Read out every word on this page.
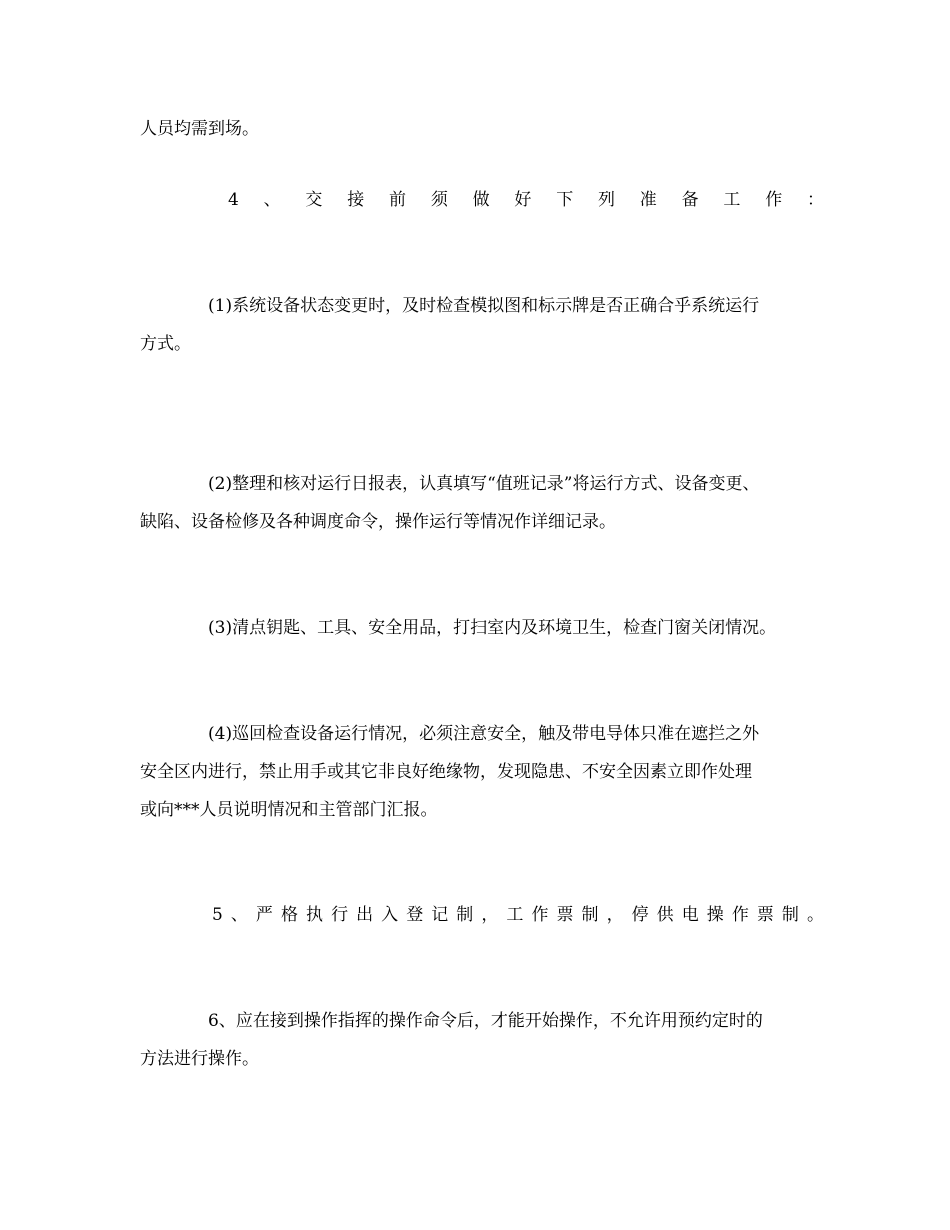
人员均需到场。

4 、 交 接 前 须 做 好 下 列 准 备 工 作 ：

(1)系统设备状态变更时，及时检查模拟图和标示牌是否正确合乎系统运行

方式。

(2)整理和核对运行日报表，认真填写“值班记录”将运行方式、设备变更、

缺陷、设备检修及各种调度命令，操作运行等情况作详细记录。

(3)清点钥匙、工具、安全用品，打扫室内及环境卫生，检查门窗关闭情况。

(4)巡回检查设备运行情况，必须注意安全，触及带电导体只准在遮拦之外

安全区内进行，禁止用手或其它非良好绝缘物，发现隐患、不安全因素立即作处理

或向***人员说明情况和主管部门汇报。

5 、 严 格 执 行 出 入 登 记 制 ， 工 作 票 制 ， 停 供 电 操 作 票 制 。

6、应在接到操作指挥的操作命令后，才能开始操作，不允许用预约定时的

方法进行操作。
